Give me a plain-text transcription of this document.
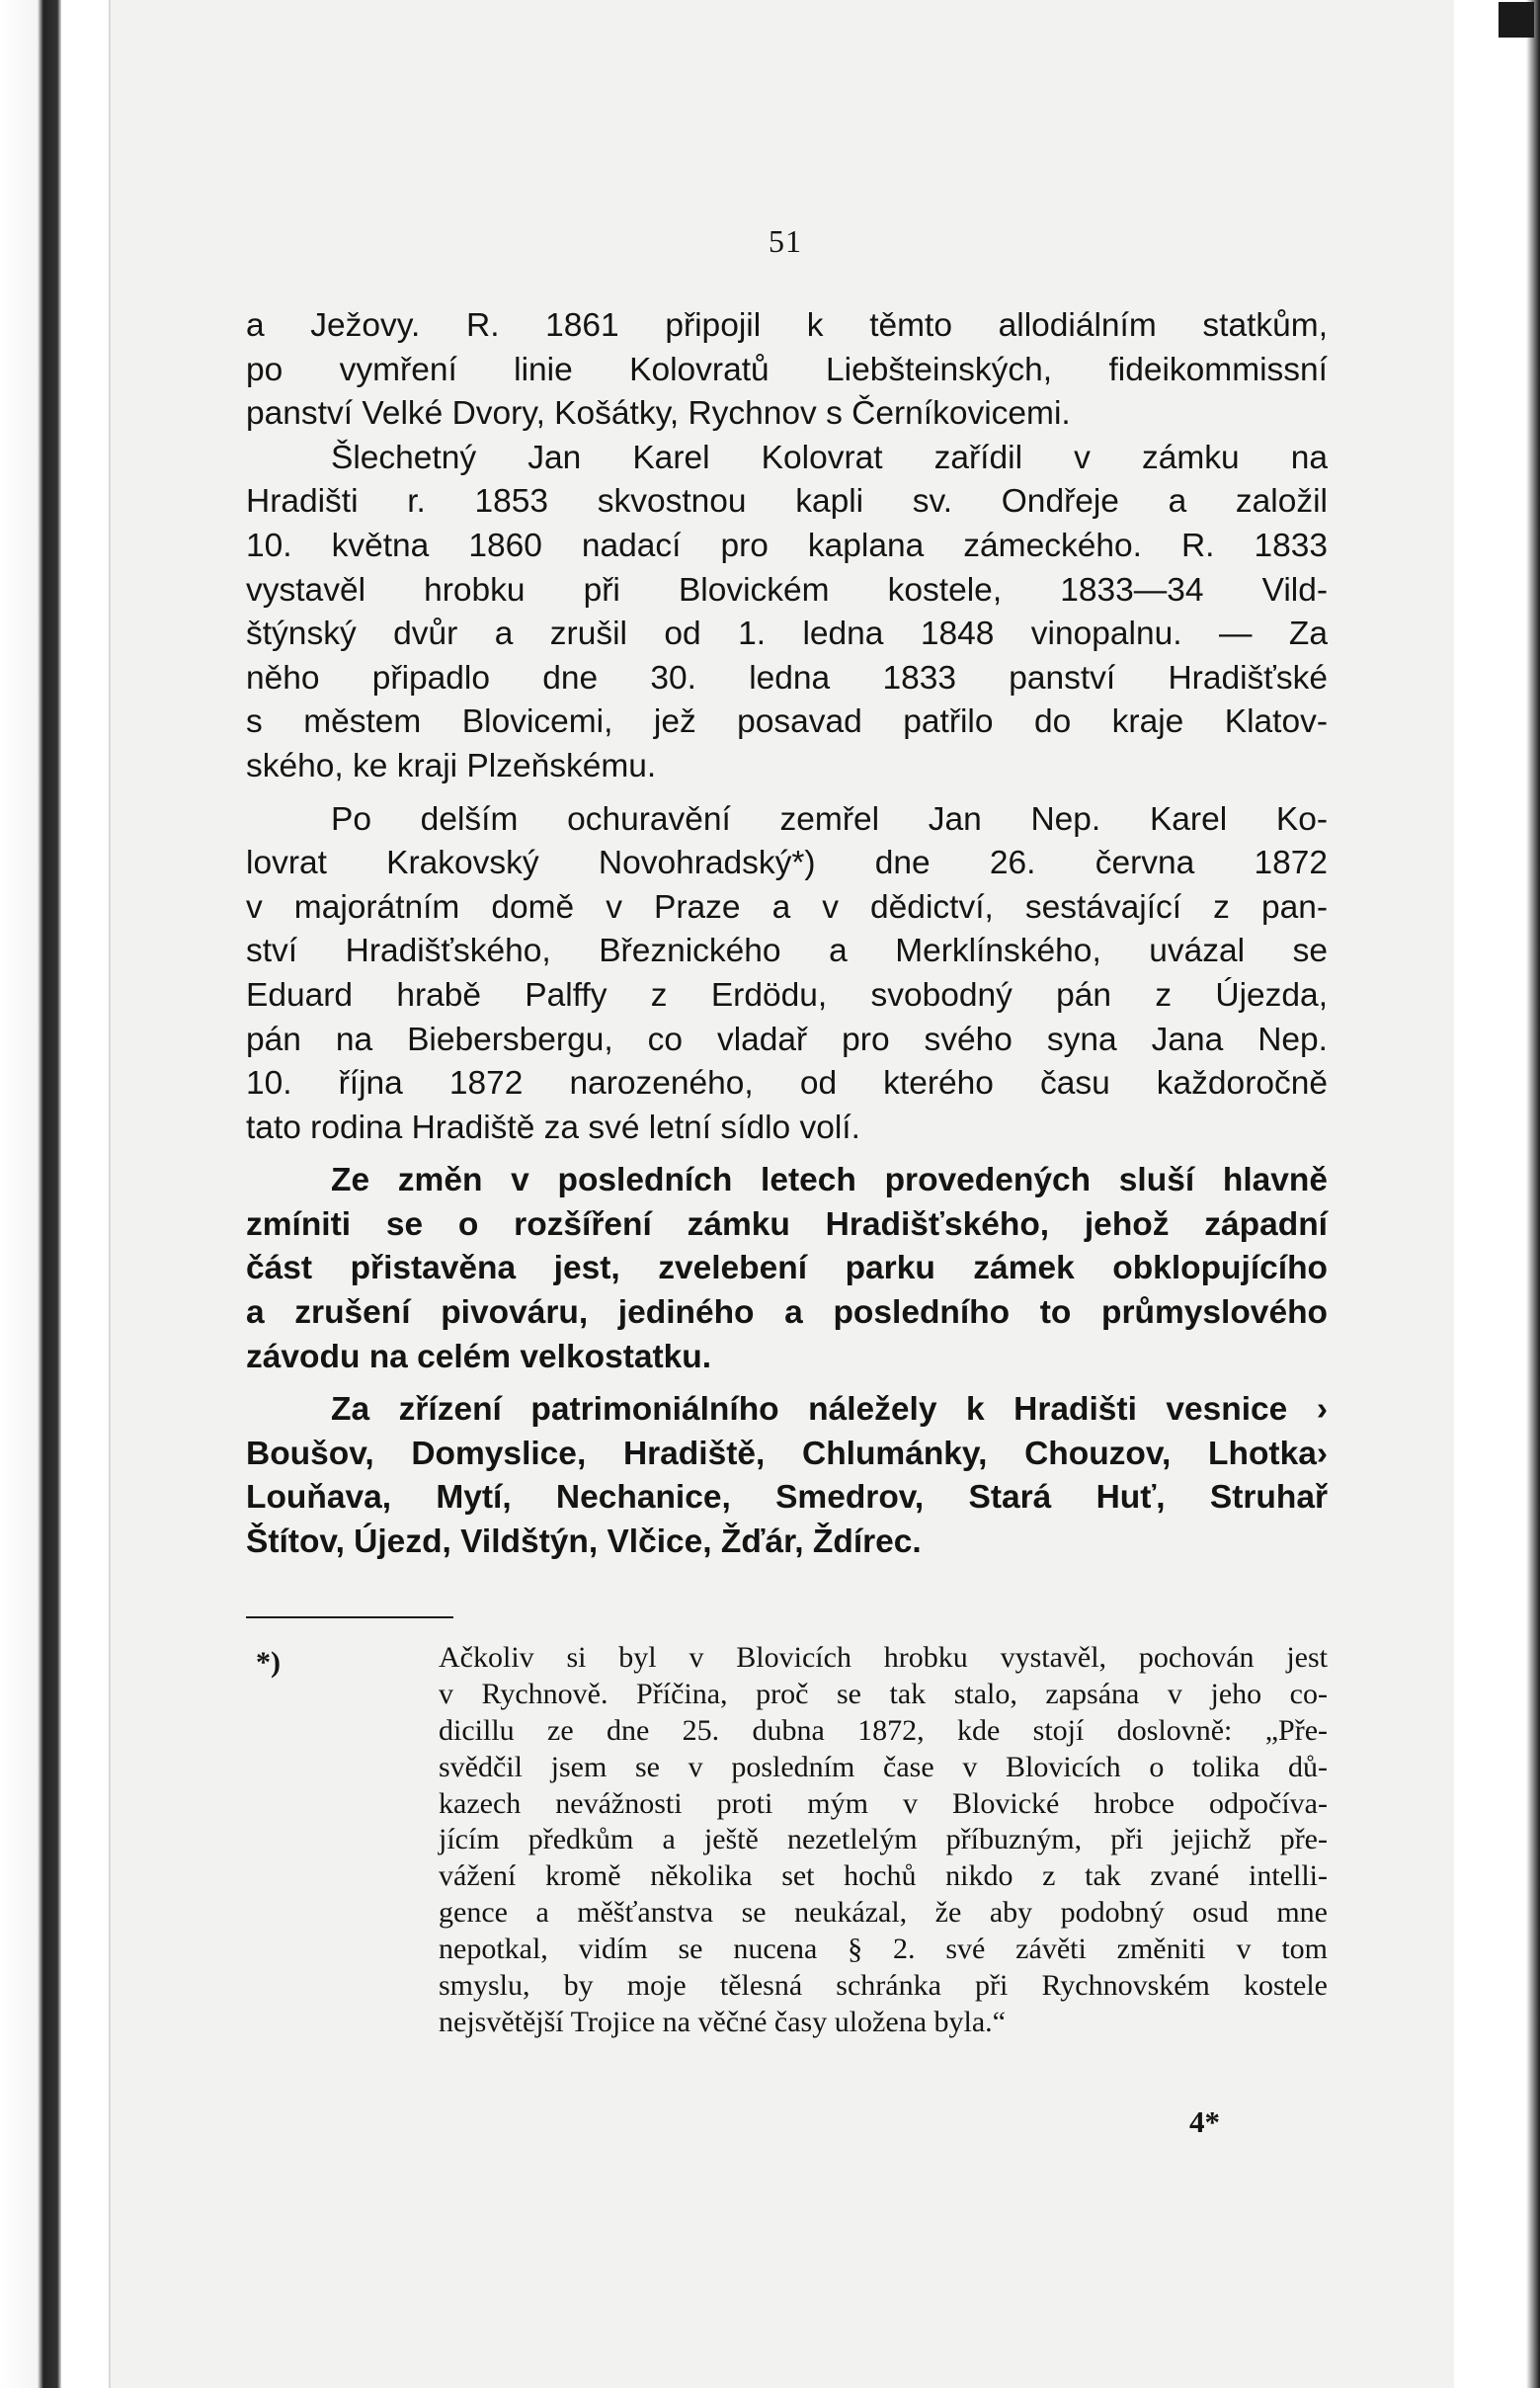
51
a Ježovy. R. 1861 připojil k těmto allodiálním statkům,
po vymření linie Kolovratů Liebšteinských, fideikommissní
panství Velké Dvory, Košátky, Rychnov s Černíkovicemi.
Šlechetný Jan Karel Kolovrat zařídil v zámku na
Hradišti r. 1853 skvostnou kapli sv. Ondřeje a založil
10. května 1860 nadací pro kaplana zámeckého. R. 1833
vystavěl hrobku při Blovickém kostele, 1833—34 Vild-
štýnský dvůr a zrušil od 1. ledna 1848 vinopalnu. — Za
něho připadlo dne 30. ledna 1833 panství Hradišťské
s městem Blovicemi, jež posavad patřilo do kraje Klatov-
ského, ke kraji Plzeňskému.
Po delším ochuravění zemřel Jan Nep. Karel Ko-
lovrat Krakovský Novohradský*) dne 26. června 1872
v majorátním domě v Praze a v dědictví, sestávající z pan-
ství Hradišťského, Březnického a Merklínského, uvázal se
Eduard hrabě Palffy z Erdödu, svobodný pán z Újezda,
pán na Biebersbergu, co vladař pro svého syna Jana Nep.
10. října 1872 narozeného, od kterého času každoročně
tato rodina Hradiště za své letní sídlo volí.
Ze změn v posledních letech provedených sluší hlavně
zmíniti se o rozšíření zámku Hradišťského, jehož západní
část přistavěna jest, zvelebení parku zámek obklopujícího
a zrušení pivováru, jediného a posledního to průmyslového
závodu na celém velkostatku.
Za zřízení patrimoniálního náležely k Hradišti vesnice ›
Boušov, Domyslice, Hradiště, Chlumánky, Chouzov, Lhotka›
Louňava, Mytí, Nechanice, Smedrov, Stará Huť, Struhař
Štítov, Újezd, Vildštýn, Vlčice, Žďár, Ždírec.
*)	Ačkoliv si byl v Blovicích hrobku vystavěl, pochován jest
v Rychnově. Příčina, proč se tak stalo, zapsána v jeho co-
dicillu ze dne 25. dubna 1872, kde stojí doslovně: „Pře-
svědčil jsem se v posledním čase v Blovicích o tolika dů-
kazech nevážnosti proti mým v Blovické hrobce odpočíva-
jícím předkům a ještě nezetlelým příbuzným, při jejichž pře-
vážení kromě několika set hochů nikdo z tak zvané intelli-
gence a měšťanstva se neukázal, že aby podobný osud mne
nepotkal, vidím se nucena § 2. své závěti změniti v tom
smyslu, by moje tělesná schránka při Rychnovském kostele
nejsvětější Trojice na věčné časy uložena byla.“
4*
